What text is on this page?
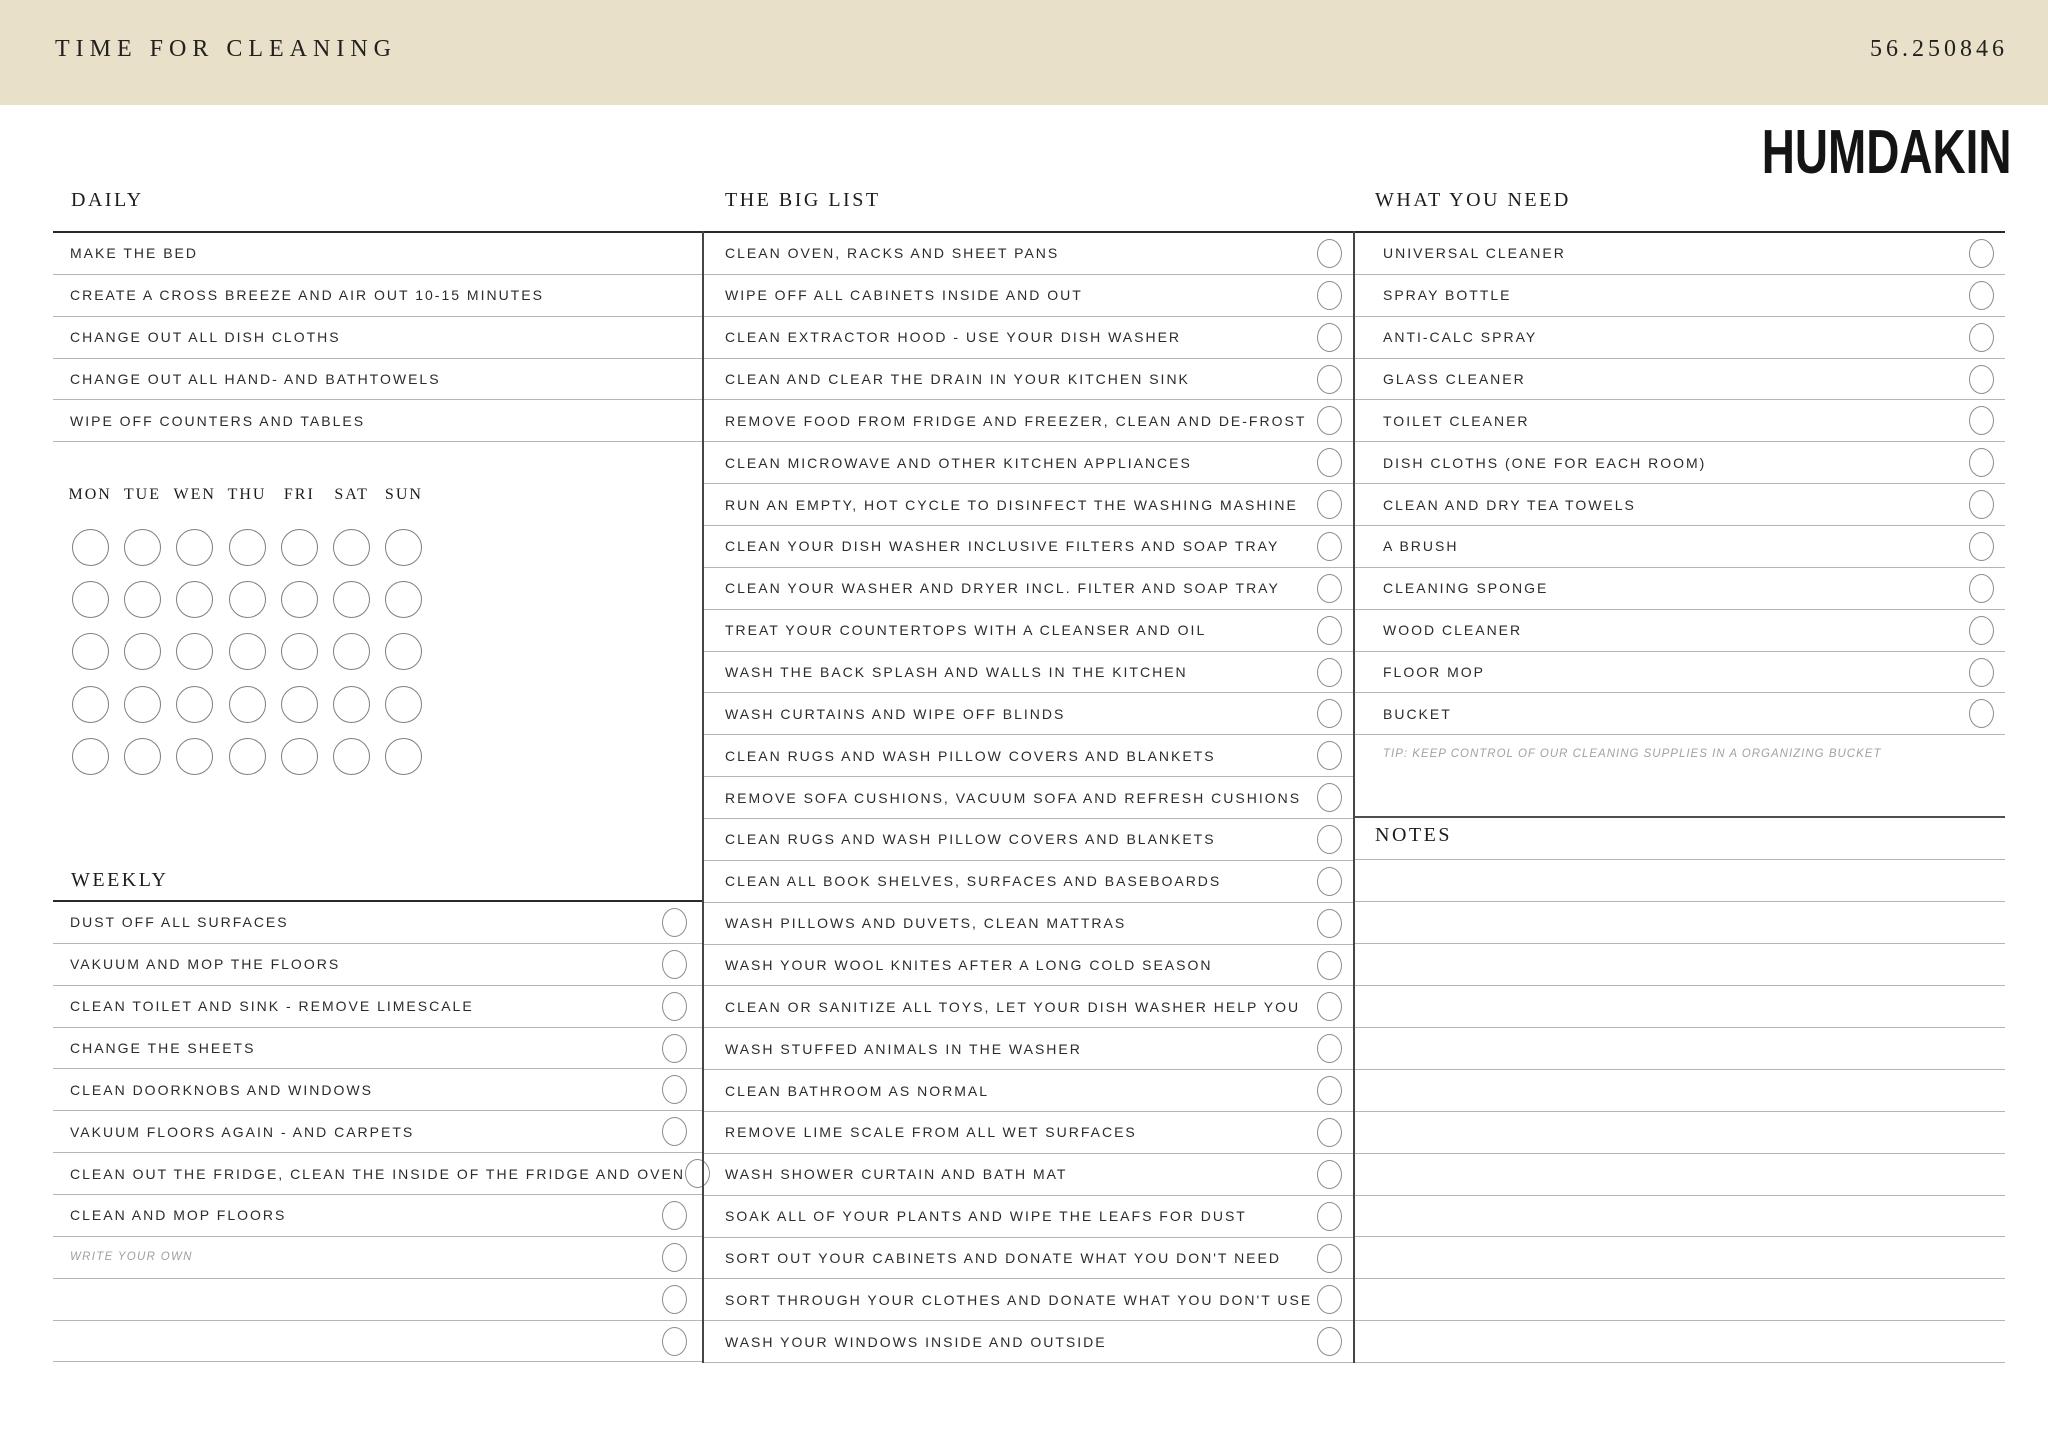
TIME FOR CLEANING	56.250846
HUMDAKIN
DAILY	THE BIG LIST	WHAT YOU NEED
MAKE THE BED
CREATE A CROSS BREEZE AND AIR OUT 10-15 MINUTES
CHANGE OUT ALL DISH CLOTHS
CHANGE OUT ALL HAND- AND BATHTOWELS
WIPE OFF COUNTERS AND TABLES
MON TUE WEN THU	FRI	SAT	SUN
WEEKLY
DUST OFF ALL SURFACES
VAKUUM AND MOP THE FLOORS
CLEAN TOILET AND SINK - REMOVE LIMESCALE
CHANGE THE SHEETS
CLEAN DOORKNOBS AND WINDOWS
VAKUUM FLOORS AGAIN - AND CARPETS
CLEAN OUT THE FRIDGE, CLEAN THE INSIDE OF THE FRIDGE AND OVEN
CLEAN AND MOP FLOORS
WRITE YOUR OWN
CLEAN OVEN, RACKS AND SHEET PANS
WIPE OFF ALL CABINETS INSIDE AND OUT
CLEAN EXTRACTOR HOOD - USE YOUR DISH WASHER
CLEAN AND CLEAR THE DRAIN IN YOUR KITCHEN SINK
REMOVE FOOD FROM FRIDGE AND FREEZER, CLEAN AND DE-FROST
CLEAN MICROWAVE AND OTHER KITCHEN APPLIANCES
RUN AN EMPTY, HOT CYCLE TO DISINFECT THE WASHING MASHINE
CLEAN YOUR DISH WASHER INCLUSIVE FILTERS AND SOAP TRAY
CLEAN YOUR WASHER AND DRYER INCL. FILTER AND SOAP TRAY
TREAT YOUR COUNTERTOPS WITH A CLEANSER AND OIL
WASH THE BACK SPLASH AND WALLS IN THE KITCHEN
WASH CURTAINS AND WIPE OFF BLINDS
CLEAN RUGS AND WASH PILLOW COVERS AND BLANKETS
REMOVE SOFA CUSHIONS, VACUUM SOFA AND REFRESH CUSHIONS
CLEAN RUGS AND WASH PILLOW COVERS AND BLANKETS
CLEAN ALL BOOK SHELVES, SURFACES AND BASEBOARDS
WASH PILLOWS AND DUVETS, CLEAN MATTRAS
WASH YOUR WOOL KNITES AFTER A LONG COLD SEASON
CLEAN OR SANITIZE ALL TOYS, LET YOUR DISH WASHER HELP YOU
WASH STUFFED ANIMALS IN THE WASHER
CLEAN BATHROOM AS NORMAL
REMOVE LIME SCALE FROM ALL WET SURFACES
WASH SHOWER CURTAIN AND BATH MAT
SOAK ALL OF YOUR PLANTS AND WIPE THE LEAFS FOR DUST
SORT OUT YOUR CABINETS AND DONATE WHAT YOU DON'T NEED
SORT THROUGH YOUR CLOTHES AND DONATE WHAT YOU DON'T USE
WASH YOUR WINDOWS INSIDE AND OUTSIDE
UNIVERSAL CLEANER
SPRAY BOTTLE
ANTI-CALC SPRAY
GLASS CLEANER
TOILET CLEANER
DISH CLOTHS (ONE FOR EACH ROOM)
CLEAN AND DRY TEA TOWELS
A BRUSH
CLEANING SPONGE
WOOD CLEANER
FLOOR MOP
BUCKET
TIP: KEEP CONTROL OF OUR CLEANING SUPPLIES IN A ORGANIZING BUCKET
NOTES
